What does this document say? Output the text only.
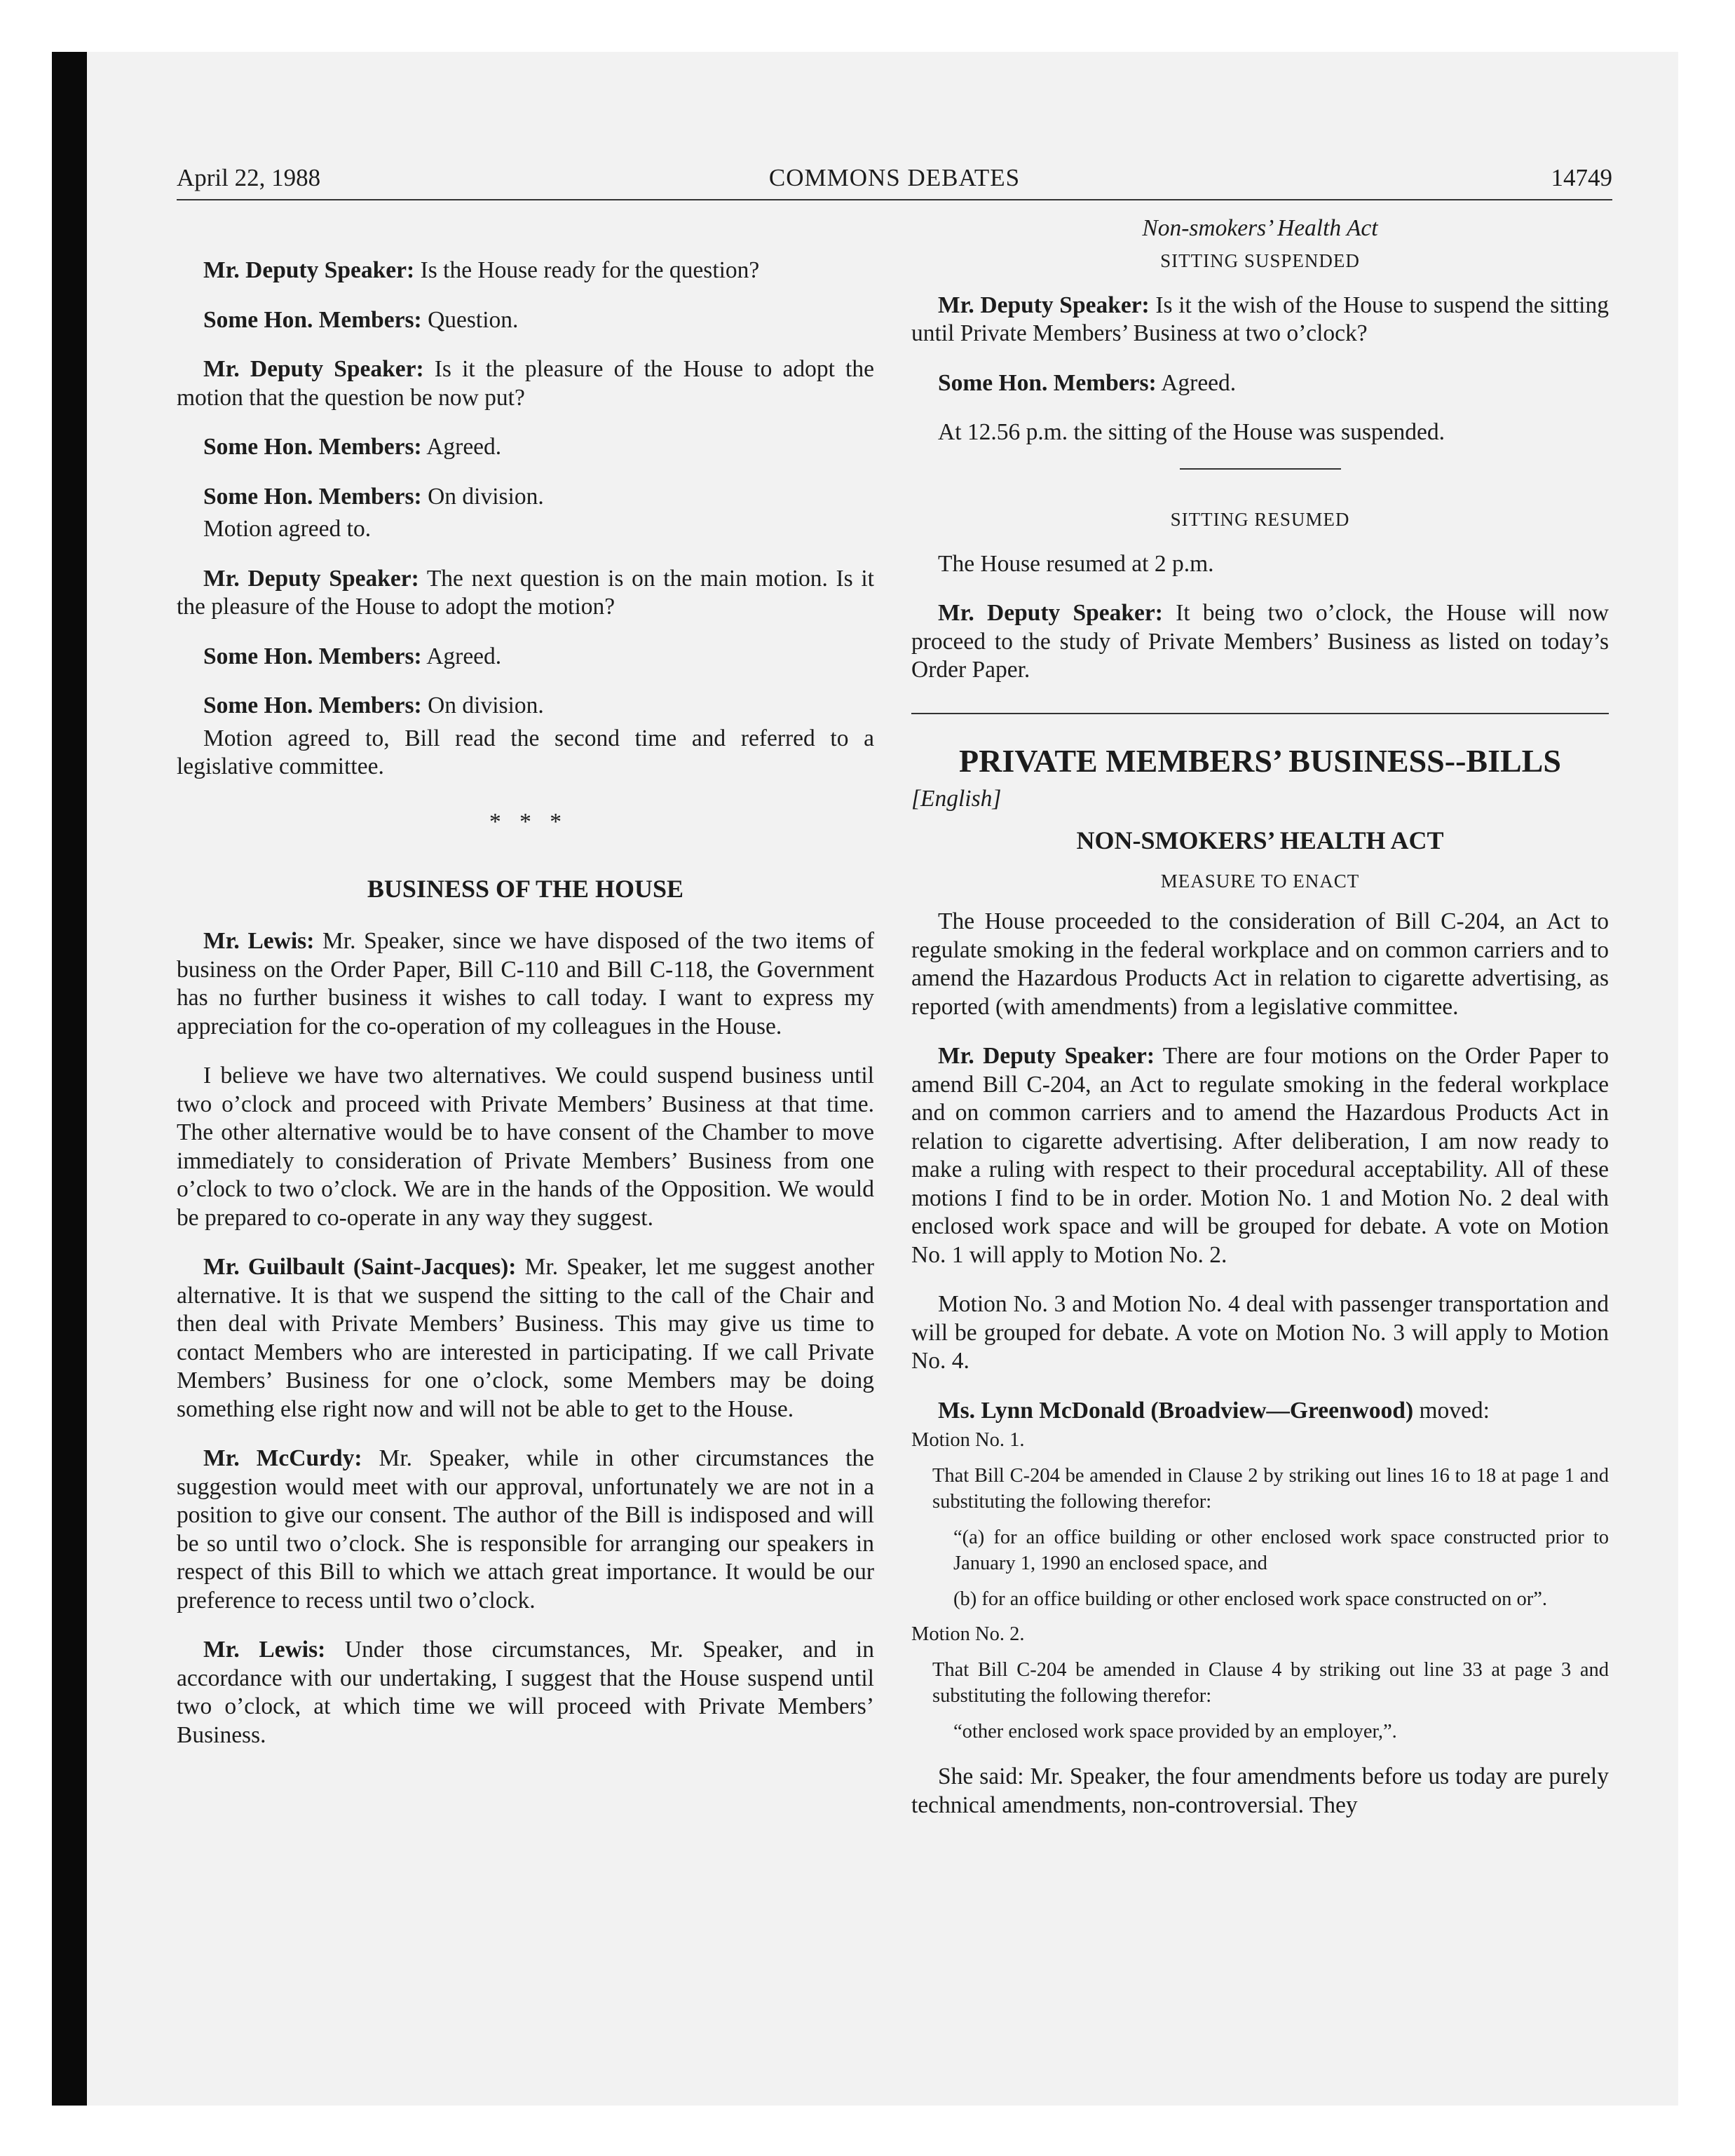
April 22, 1988	COMMONS DEBATES	14749

Mr. Deputy Speaker: Is the House ready for the question?

Some Hon. Members: Question.

Mr. Deputy Speaker: Is it the pleasure of the House to adopt the motion that the question be now put?

Some Hon. Members: Agreed.

Some Hon. Members: On division.

Motion agreed to.

Mr. Deputy Speaker: The next question is on the main motion. Is it the pleasure of the House to adopt the motion?

Some Hon. Members: Agreed.

Some Hon. Members: On division.

Motion agreed to, Bill read the second time and referred to a legislative committee.

* * *

BUSINESS OF THE HOUSE

Mr. Lewis: Mr. Speaker, since we have disposed of the two items of business on the Order Paper, Bill C-110 and Bill C-118, the Government has no further business it wishes to call today. I want to express my appreciation for the co-operation of my colleagues in the House.

I believe we have two alternatives. We could suspend business until two o’clock and proceed with Private Members’ Business at that time. The other alternative would be to have consent of the Chamber to move immediately to consideration of Private Members’ Business from one o’clock to two o’clock. We are in the hands of the Opposition. We would be prepared to co-operate in any way they suggest.

Mr. Guilbault (Saint-Jacques): Mr. Speaker, let me suggest another alternative. It is that we suspend the sitting to the call of the Chair and then deal with Private Members’ Business. This may give us time to contact Members who are interested in participating. If we call Private Members’ Business for one o’clock, some Members may be doing something else right now and will not be able to get to the House.

Mr. McCurdy: Mr. Speaker, while in other circumstances the suggestion would meet with our approval, unfortunately we are not in a position to give our consent. The author of the Bill is indisposed and will be so until two o’clock. She is responsible for arranging our speakers in respect of this Bill to which we attach great importance. It would be our preference to recess until two o’clock.

Mr. Lewis: Under those circumstances, Mr. Speaker, and in accordance with our undertaking, I suggest that the House suspend until two o’clock, at which time we will proceed with Private Members’ Business.

Non-smokers’ Health Act

SITTING SUSPENDED

Mr. Deputy Speaker: Is it the wish of the House to suspend the sitting until Private Members’ Business at two o’clock?

Some Hon. Members: Agreed.

At 12.56 p.m. the sitting of the House was suspended.

SITTING RESUMED

The House resumed at 2 p.m.

Mr. Deputy Speaker: It being two o’clock, the House will now proceed to the study of Private Members’ Business as listed on today’s Order Paper.

PRIVATE MEMBERS’ BUSINESS--BILLS

[English]

NON-SMOKERS’ HEALTH ACT

MEASURE TO ENACT

The House proceeded to the consideration of Bill C-204, an Act to regulate smoking in the federal workplace and on common carriers and to amend the Hazardous Products Act in relation to cigarette advertising, as reported (with amendments) from a legislative committee.

Mr. Deputy Speaker: There are four motions on the Order Paper to amend Bill C-204, an Act to regulate smoking in the federal workplace and on common carriers and to amend the Hazardous Products Act in relation to cigarette advertising. After deliberation, I am now ready to make a ruling with respect to their procedural acceptability. All of these motions I find to be in order. Motion No. 1 and Motion No. 2 deal with enclosed work space and will be grouped for debate. A vote on Motion No. 1 will apply to Motion No. 2.

Motion No. 3 and Motion No. 4 deal with passenger transportation and will be grouped for debate. A vote on Motion No. 3 will apply to Motion No. 4.

Ms. Lynn McDonald (Broadview—Greenwood) moved:

Motion No. 1.

That Bill C-204 be amended in Clause 2 by striking out lines 16 to 18 at page 1 and substituting the following therefor:

“(a) for an office building or other enclosed work space constructed prior to January 1, 1990 an enclosed space, and

(b) for an office building or other enclosed work space constructed on or”.

Motion No. 2.

That Bill C-204 be amended in Clause 4 by striking out line 33 at page 3 and substituting the following therefor:

“other enclosed work space provided by an employer,”.

She said: Mr. Speaker, the four amendments before us today are purely technical amendments, non-controversial. They
